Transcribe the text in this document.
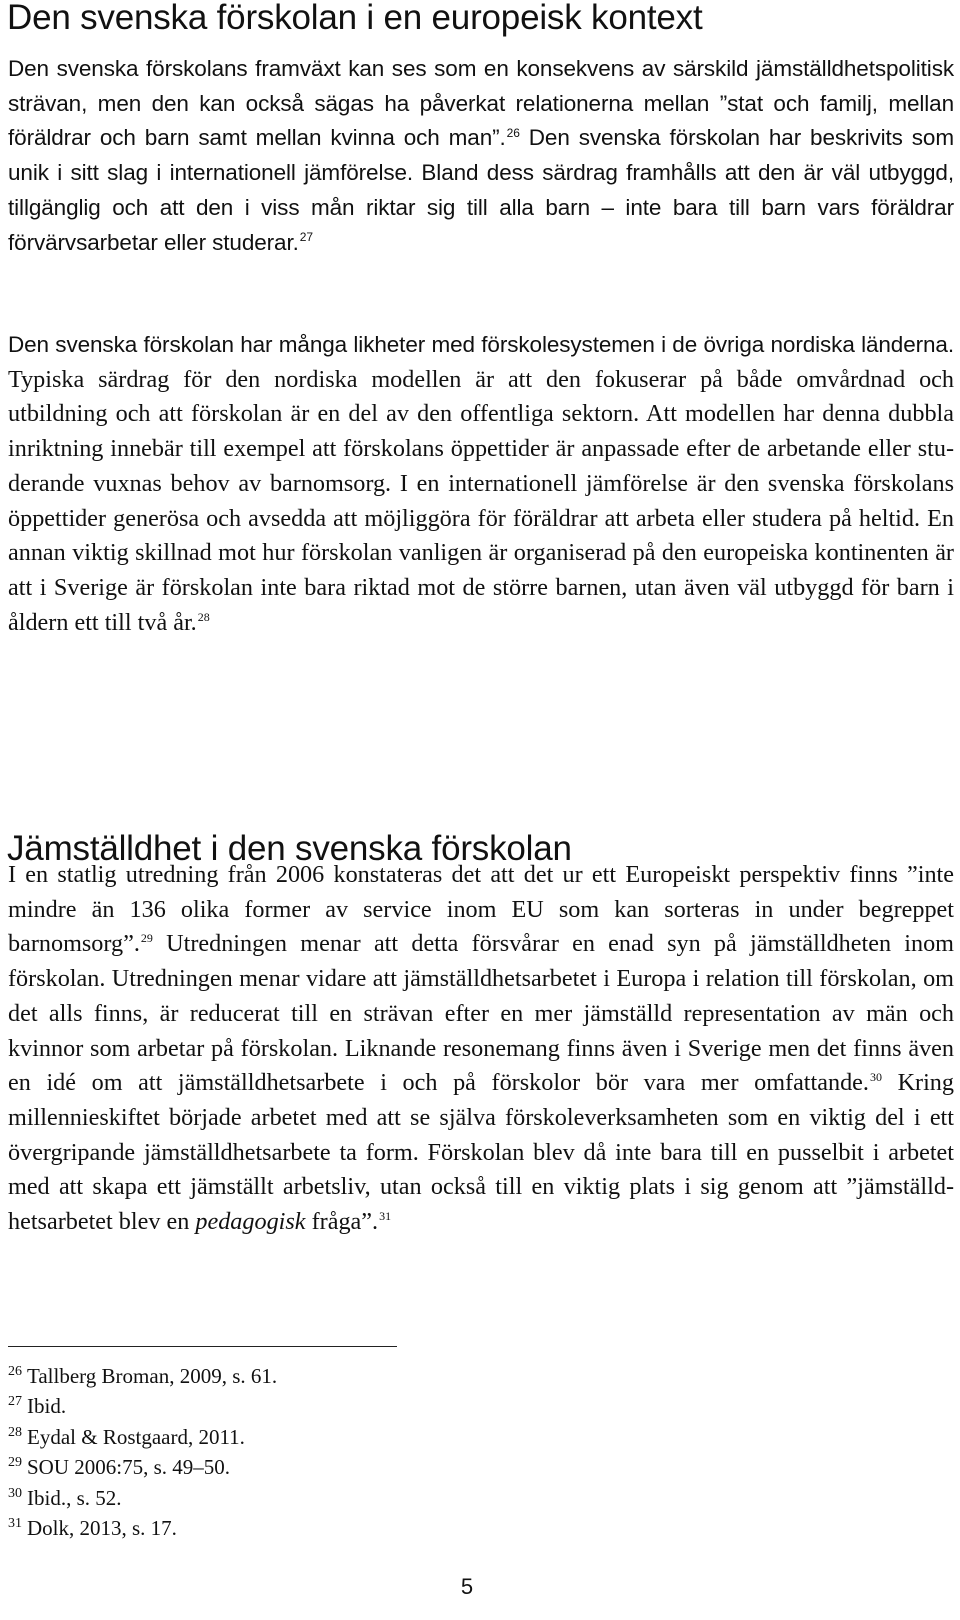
Den svenska förskolan i en europeisk kontext

Den svenska förskolans framväxt kan ses som en konsekvens av särskild jämställdhetspolitisk strävan, men den kan också sägas ha påverkat relationerna mellan ”stat och familj, mellan föräldrar och barn samt mellan kvinna och man”.$^{26}$ Den svenska förskolan har beskrivits som unik i sitt slag i internationell jämförelse. Bland dess särdrag framhålls att den är väl utbyggd, tillgänglig och att den i viss mån riktar sig till alla barn – inte bara till barn vars föräldrar förvärvsarbetar eller studerar.$^{27}$

Den svenska förskolan har många likheter med förskolesystemen i de övriga nordiska länderna. Typiska särdrag för den nordiska modellen är att den fokuserar på både omvårdnad och utbildning och att förskolan är en del av den offentliga sektorn. Att modellen har denna dubbla inriktning innebär till exempel att förskolans öppettider är anpassade efter de arbetande eller studerande vuxnas behov av barnomsorg. I en internationell jämförelse är den svenska förskolans öppettider generösa och avsedda att möjliggöra för föräldrar att arbeta eller studera på heltid. En annan viktig skillnad mot hur förskolan vanligen är organiserad på den europeiska kontinenten är att i Sverige är förskolan inte bara riktad mot de större barnen, utan även väl utbyggd för barn i åldern ett till två år.$^{28}$

Jämställdhet i den svenska förskolan

I en statlig utredning från 2006 konstateras det att det ur ett Europeiskt perspektiv finns ”inte mindre än 136 olika former av service inom EU som kan sorteras in under begreppet barnomsorg”.$^{29}$ Utredningen menar att detta försvårar en enad syn på jämställdheten inom förskolan. Utredningen menar vidare att jämställdhetsarbetet i Europa i relation till förskolan, om det alls finns, är reducerat till en strävan efter en mer jämställd representation av män och kvinnor som arbetar på förskolan. Liknande resonemang finns även i Sverige men det finns även en idé om att jämställdhetsarbete i och på förskolor bör vara mer omfattande.$^{30}$ Kring millennieskiftet började arbetet med att se själva förskoleverksamheten som en viktig del i ett övergripande jämställdhetsarbete ta form. Förskolan blev då inte bara till en pusselbit i arbetet med att skapa ett jämställt arbetsliv, utan också till en viktig plats i sig genom att ”jämställdhetsarbetet blev en pedagogisk fråga”.$^{31}$

$^{26}$ Tallberg Broman, 2009, s. 61.
$^{27}$ Ibid.
$^{28}$ Eydal & Rostgaard, 2011.
$^{29}$ SOU 2006:75, s. 49–50.
$^{30}$ Ibid., s. 52.
$^{31}$ Dolk, 2013, s. 17.
5
